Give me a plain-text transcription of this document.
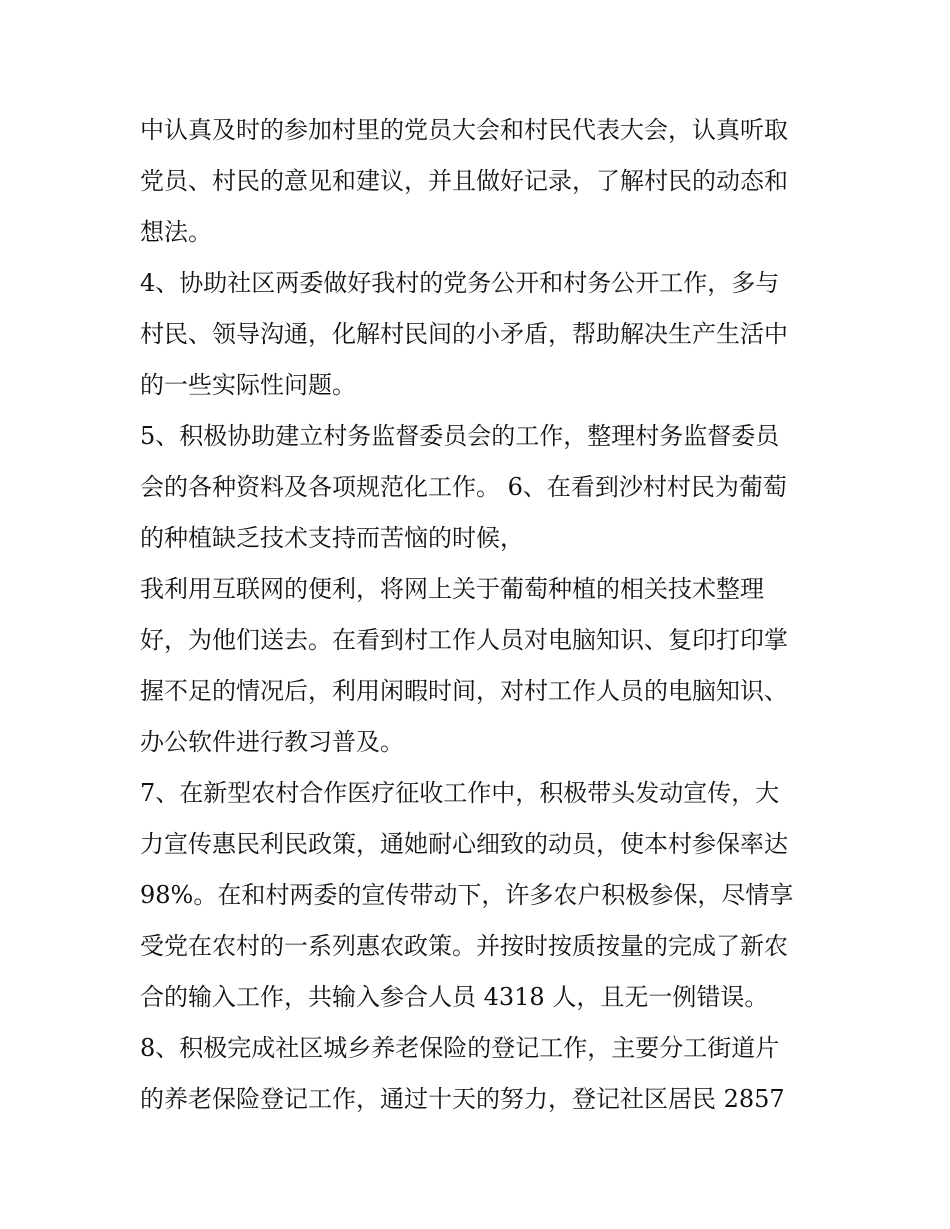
中认真及时的参加村里的党员大会和村民代表大会，认真听取
党员、村民的意见和建议，并且做好记录，了解村民的动态和
想法。
4、协助社区两委做好我村的党务公开和村务公开工作，多与
村民、领导沟通，化解村民间的小矛盾，帮助解决生产生活中
的一些实际性问题。
5、积极协助建立村务监督委员会的工作，整理村务监督委员
会的各种资料及各项规范化工作。 6、在看到沙村村民为葡萄
的种植缺乏技术支持而苦恼的时候，
我利用互联网的便利，将网上关于葡萄种植的相关技术整理
好，为他们送去。在看到村工作人员对电脑知识、复印打印掌
握不足的情况后，利用闲暇时间，对村工作人员的电脑知识、
办公软件进行教习普及。
7、在新型农村合作医疗征收工作中，积极带头发动宣传，大
力宣传惠民利民政策，通她耐心细致的动员，使本村参保率达
98%。在和村两委的宣传带动下，许多农户积极参保，尽情享
受党在农村的一系列惠农政策。并按时按质按量的完成了新农
合的输入工作，共输入参合人员 4318 人，且无一例错误。
8、积极完成社区城乡养老保险的登记工作，主要分工街道片
的养老保险登记工作，通过十天的努力，登记社区居民 2857
